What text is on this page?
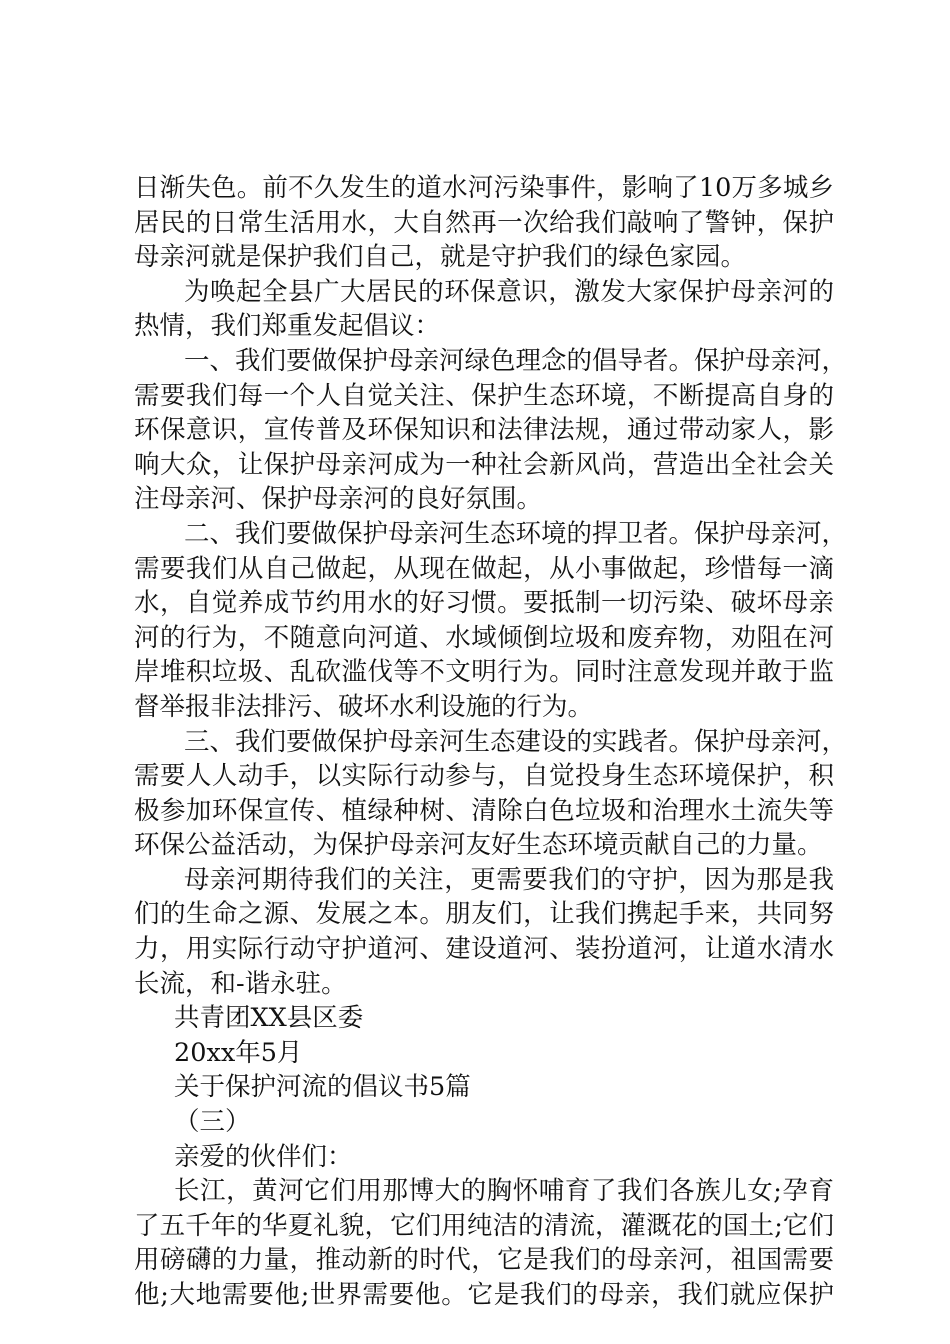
日渐失色。前不久发生的道水河污染事件，影响了10万多城乡
居民的日常生活用水，大自然再一次给我们敲响了警钟，保护
母亲河就是保护我们自己，就是守护我们的绿色家园。
为唤起全县广大居民的环保意识，激发大家保护母亲河的
热情，我们郑重发起倡议：
一、我们要做保护母亲河绿色理念的倡导者。保护母亲河，
需要我们每一个人自觉关注、保护生态环境，不断提高自身的
环保意识，宣传普及环保知识和法律法规，通过带动家人，影
响大众，让保护母亲河成为一种社会新风尚，营造出全社会关
注母亲河、保护母亲河的良好氛围。
二、我们要做保护母亲河生态环境的捍卫者。保护母亲河，
需要我们从自己做起，从现在做起，从小事做起，珍惜每一滴
水，自觉养成节约用水的好习惯。要抵制一切污染、破坏母亲
河的行为，不随意向河道、水域倾倒垃圾和废弃物，劝阻在河
岸堆积垃圾、乱砍滥伐等不文明行为。同时注意发现并敢于监
督举报非法排污、破坏水利设施的行为。
三、我们要做保护母亲河生态建设的实践者。保护母亲河，
需要人人动手，以实际行动参与，自觉投身生态环境保护，积
极参加环保宣传、植绿种树、清除白色垃圾和治理水土流失等
环保公益活动，为保护母亲河友好生态环境贡献自己的力量。
母亲河期待我们的关注，更需要我们的守护，因为那是我
们的生命之源、发展之本。朋友们，让我们携起手来，共同努
力，用实际行动守护道河、建设道河、装扮道河，让道水清水
长流，和-谐永驻。
共青团XX县区委
20xx年5月
关于保护河流的倡议书5篇
（三）
亲爱的伙伴们：
长江，黄河它们用那博大的胸怀哺育了我们各族儿女;孕育
了五千年的华夏礼貌，它们用纯洁的清流，灌溉花的国土;它们
用磅礴的力量，推动新的时代，它是我们的母亲河，祖国需要
他;大地需要他;世界需要他。它是我们的母亲，我们就应保护
